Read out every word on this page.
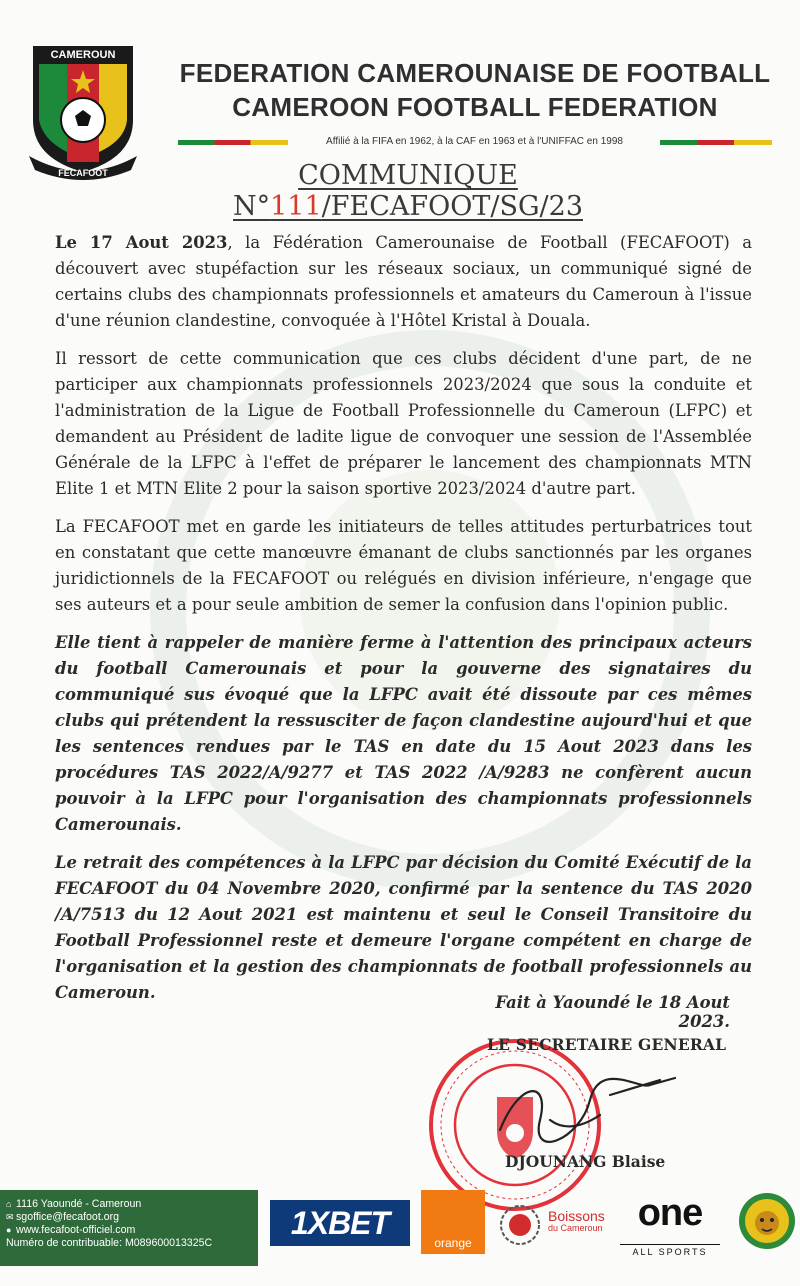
CAMEROUN
FÉCAFOOT
FEDERATION CAMEROUNAISE DE FOOTBALL
CAMEROON FOOTBALL FEDERATION
Affilié à la FIFA en 1962, à la CAF en 1963 et à l'UNIFFAC en 1998
COMMUNIQUE N°111/FECAFOOT/SG/23

Le 17 Aout 2023, la Fédération Camerounaise de Football (FECAFOOT) a découvert avec stupéfaction sur les réseaux sociaux, un communiqué signé de certains clubs des championnats professionnels et amateurs du Cameroun à l'issue d'une réunion clandestine, convoquée à l'Hôtel Kristal à Douala.

Il ressort de cette communication que ces clubs décident d'une part, de ne participer aux championnats professionnels 2023/2024 que sous la conduite et l'administration de la Ligue de Football Professionnelle du Cameroun (LFPC) et demandent au Président de ladite ligue de convoquer une session de l'Assemblée Générale de la LFPC à l'effet de préparer le lancement des championnats MTN Elite 1 et MTN Elite 2 pour la saison sportive 2023/2024 d'autre part.

La FECAFOOT met en garde les initiateurs de telles attitudes perturbatrices tout en constatant que cette manœuvre émanant de clubs sanctionnés par les organes juridictionnels de la FECAFOOT ou relégués en division inférieure, n'engage que ses auteurs et a pour seule ambition de semer la confusion dans l'opinion public.

Elle tient à rappeler de manière ferme à l'attention des principaux acteurs du football Camerounais et pour la gouverne des signataires du communiqué sus évoqué que la LFPC avait été dissoute par ces mêmes clubs qui prétendent la ressusciter de façon clandestine aujourd'hui et que les sentences rendues par le TAS en date du 15 Aout 2023 dans les procédures TAS 2022/A/9277 et TAS 2022 /A/9283 ne confèrent aucun pouvoir à la LFPC pour l'organisation des championnats professionnels Camerounais.

Le retrait des compétences à la LFPC par décision du Comité Exécutif de la FECAFOOT du 04 Novembre 2020, confirmé par la sentence du TAS 2020 /A/7513 du 12 Aout 2021 est maintenu et seul le Conseil Transitoire du Football Professionnel reste et demeure l'organe compétent en charge de l'organisation et la gestion des championnats de football professionnels au Cameroun.

Fait à Yaoundé le 18 Aout 2023.
LE SECRETAIRE GENERAL
DJOUNANG Blaise
⌂ 1116 Yaoundé - Cameroun
✉ sgoffice@fecafoot.org
● www.fecafoot-officiel.com
Numéro de contribuable: M089600013325C
1XBET
orange
Boissons
du Cameroun one
ALL SPORTS
